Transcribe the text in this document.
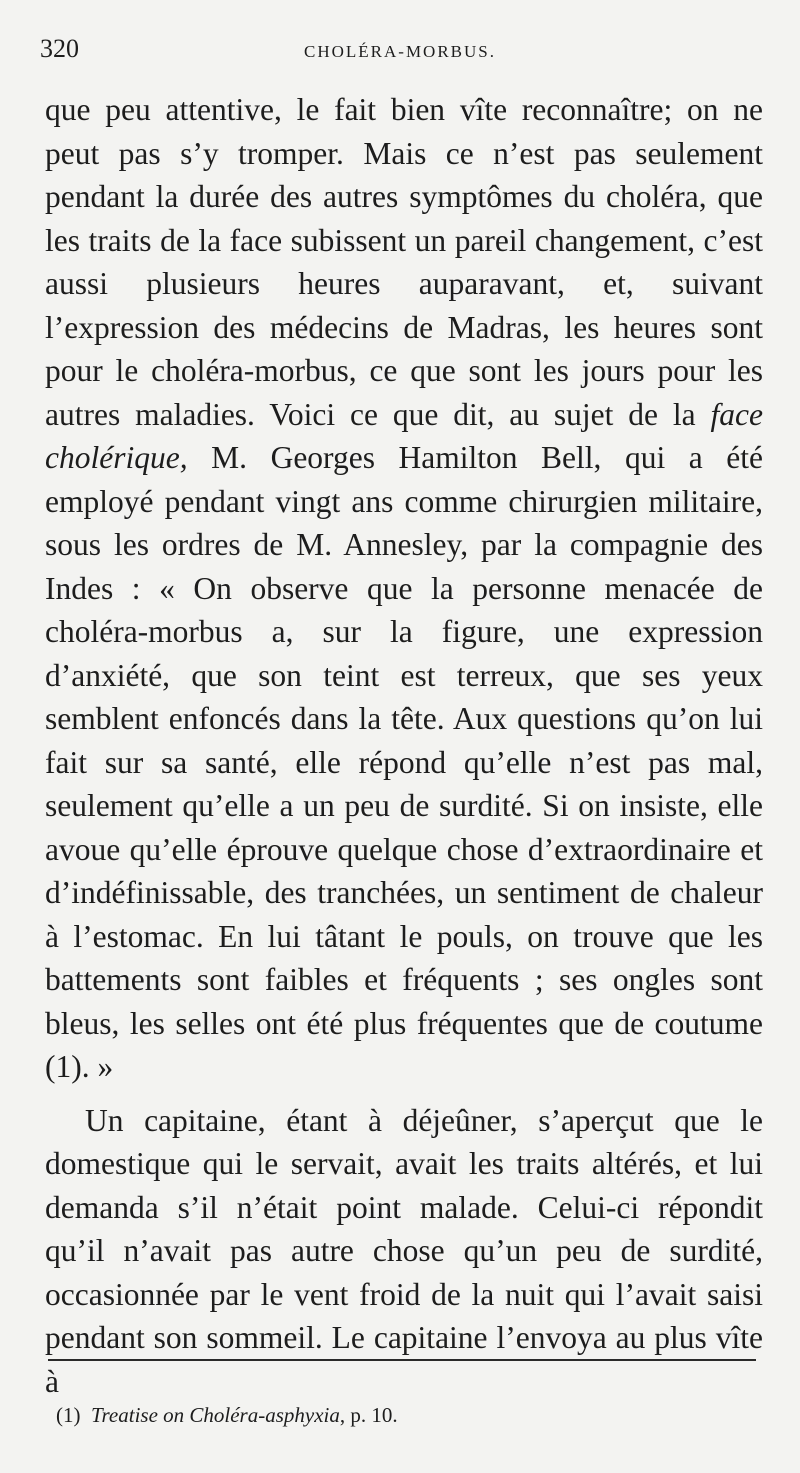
320	CHOLÉRA-MORBUS.

que peu attentive, le fait bien vîte reconnaître; on ne peut pas s’y tromper. Mais ce n’est pas seulement pendant la durée des autres symptômes du choléra, que les traits de la face subissent un pareil changement, c’est aussi plusieurs heures auparavant, et, suivant l’expression des médecins de Madras, les heures sont pour le choléra-morbus, ce que sont les jours pour les autres maladies. Voici ce que dit, au sujet de la face cholérique, M. Georges Hamilton Bell, qui a été employé pendant vingt ans comme chirurgien militaire, sous les ordres de M. Annesley, par la compagnie des Indes : « On observe que la personne menacée de choléra-morbus a, sur la figure, une expression d’anxiété, que son teint est terreux, que ses yeux semblent enfoncés dans la tête. Aux questions qu’on lui fait sur sa santé, elle répond qu’elle n’est pas mal, seulement qu’elle a un peu de surdité. Si on insiste, elle avoue qu’elle éprouve quelque chose d’extraordinaire et d’indéfinissable, des tranchées, un sentiment de chaleur à l’estomac. En lui tâtant le pouls, on trouve que les battements sont faibles et fréquents ; ses ongles sont bleus, les selles ont été plus fréquentes que de coutume (1). »

Un capitaine, étant à déjeûner, s’aperçut que le domestique qui le servait, avait les traits altérés, et lui demanda s’il n’était point malade. Celui-ci répondit qu’il n’avait pas autre chose qu’un peu de surdité, occasionnée par le vent froid de la nuit qui l’avait saisi pendant son sommeil. Le capitaine l’envoya au plus vîte à

(1) Treatise on Choléra-asphyxia, p. 10.
